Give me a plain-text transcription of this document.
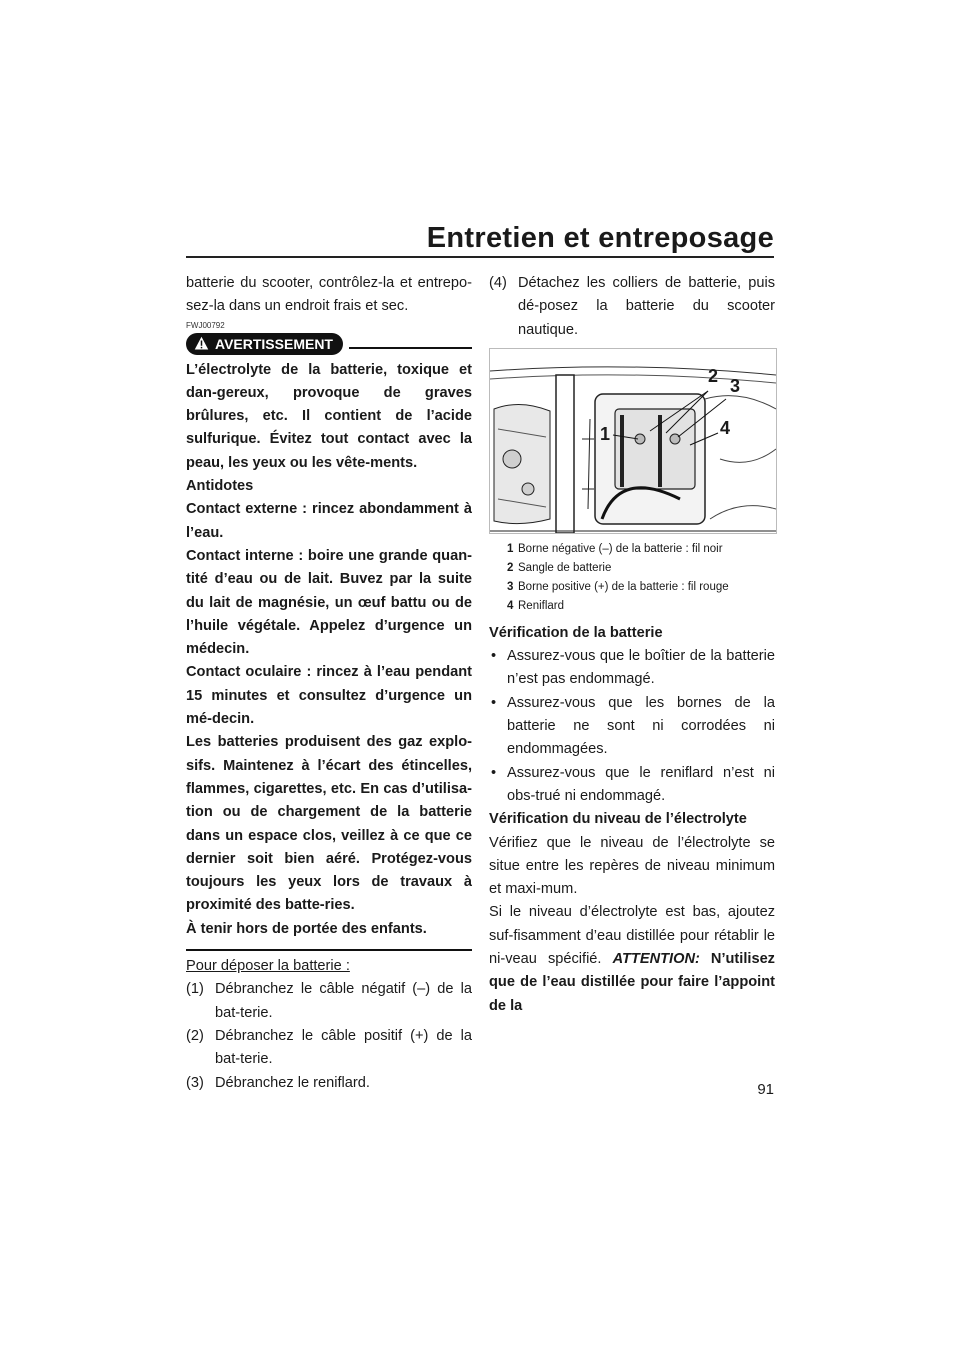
Entretien et entreposage

batterie du scooter, contrôlez-la et entrepo-sez-la dans un endroit frais et sec.

FWJ00792
AVERTISSEMENT

L’électrolyte de la batterie, toxique et dan-gereux, provoque de graves brûlures, etc. Il contient de l’acide sulfurique. Évitez tout contact avec la peau, les yeux ou les vête-ments.

Antidotes

Contact externe : rincez abondamment à l’eau.

Contact interne : boire une grande quan-tité d’eau ou de lait. Buvez par la suite du lait de magnésie, un œuf battu ou de l’huile végétale. Appelez d’urgence un médecin.

Contact oculaire : rincez à l’eau pendant 15 minutes et consultez d’urgence un mé-decin.

Les batteries produisent des gaz explo-sifs. Maintenez à l’écart des étincelles, flammes, cigarettes, etc. En cas d’utilisa-tion ou de chargement de la batterie dans un espace clos, veillez à ce que ce dernier soit bien aéré. Protégez-vous toujours les yeux lors de travaux à proximité des batte-ries.

À tenir hors de portée des enfants.

Pour déposer la batterie :

(1) Débranchez le câble négatif (–) de la bat-terie.
(2) Débranchez le câble positif (+) de la bat-terie.
(3) Débranchez le reniflard.
(4) Détachez les colliers de batterie, puis dé-posez la batterie du scooter nautique.
2 3
1	4
1 Borne négative (–) de la batterie : fil noir
2 Sangle de batterie
3 Borne positive (+) de la batterie : fil rouge
4 Reniflard
Vérification de la batterie
• Assurez-vous que le boîtier de la batterie n’est pas endommagé.
• Assurez-vous que les bornes de la batterie ne sont ni corrodées ni endommagées.
• Assurez-vous que le reniflard n’est ni obs-trué ni endommagé.
Vérification du niveau de l’électrolyte

Vérifiez que le niveau de l’électrolyte se situe entre les repères de niveau minimum et maxi-mum.

Si le niveau d’électrolyte est bas, ajoutez suf-fisamment d’eau distillée pour rétablir le ni-veau spécifié. ATTENTION: N’utilisez que de l’eau distillée pour faire l’appoint de la

91
